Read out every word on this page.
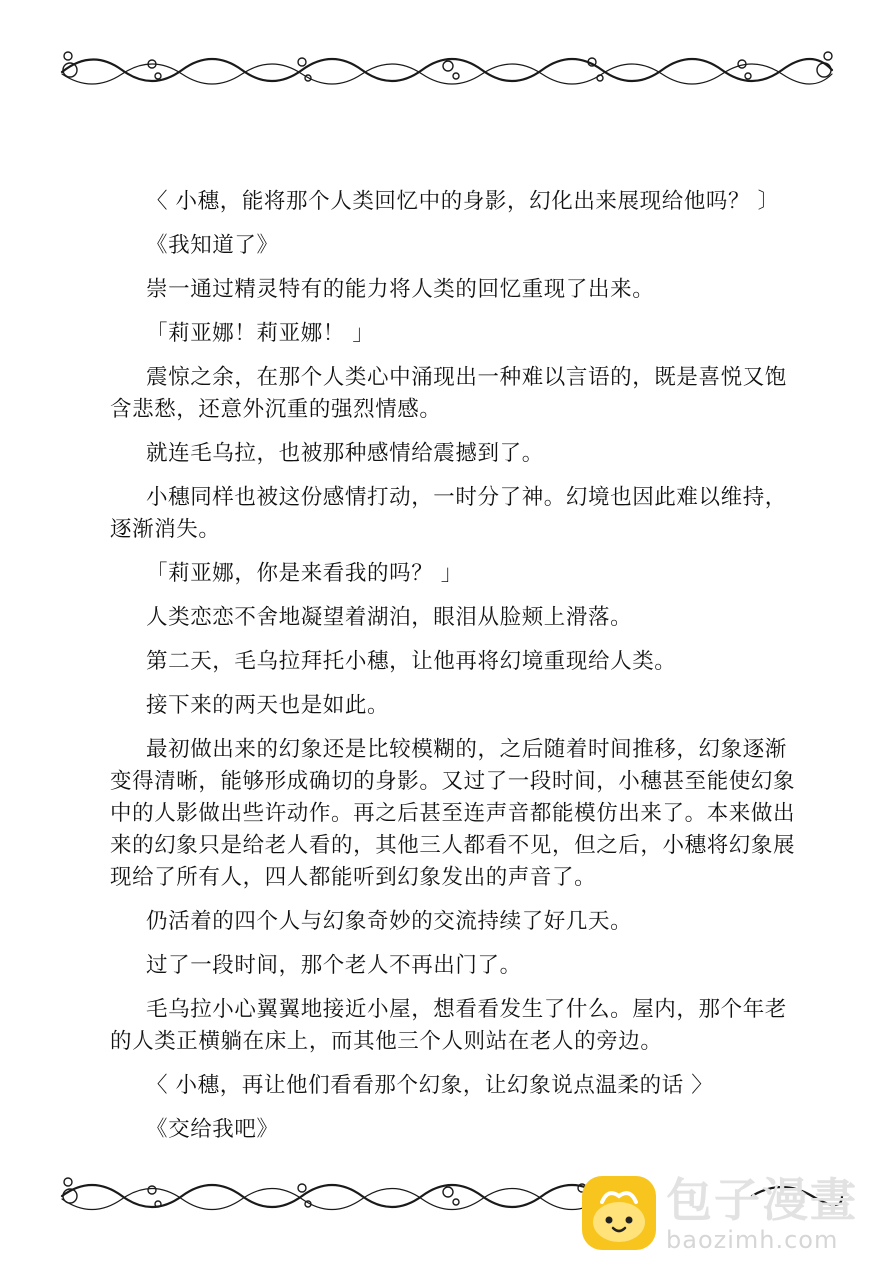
〈 小穗，能将那个人类回忆中的身影，幻化出来展现给他吗？ 〕

《我知道了》

崇一通过精灵特有的能力将人类的回忆重现了出来。

「莉亚娜！莉亚娜！ 」

震惊之余，在那个人类心中涌现出一种难以言语的，既是喜悦又饱含悲愁，还意外沉重的强烈情感。

就连毛乌拉，也被那种感情给震撼到了。

小穗同样也被这份感情打动，一时分了神。幻境也因此难以维持，逐渐消失。

「莉亚娜，你是来看我的吗？ 」

人类恋恋不舍地凝望着湖泊，眼泪从脸颊上滑落。

第二天，毛乌拉拜托小穗，让他再将幻境重现给人类。

接下来的两天也是如此。

最初做出来的幻象还是比较模糊的，之后随着时间推移，幻象逐渐变得清晰，能够形成确切的身影。又过了一段时间，小穗甚至能使幻象中的人影做出些许动作。再之后甚至连声音都能模仿出来了。本来做出来的幻象只是给老人看的，其他三人都看不见，但之后，小穗将幻象展现给了所有人，四人都能听到幻象发出的声音了。

仍活着的四个人与幻象奇妙的交流持续了好几天。

过了一段时间，那个老人不再出门了。

毛乌拉小心翼翼地接近小屋，想看看发生了什么。屋内，那个年老的人类正横躺在床上，而其他三个人则站在老人的旁边。

〈 小穗，再让他们看看那个幻象，让幻象说点温柔的话 〉

《交给我吧》

包子漫畫
baozimh.com
